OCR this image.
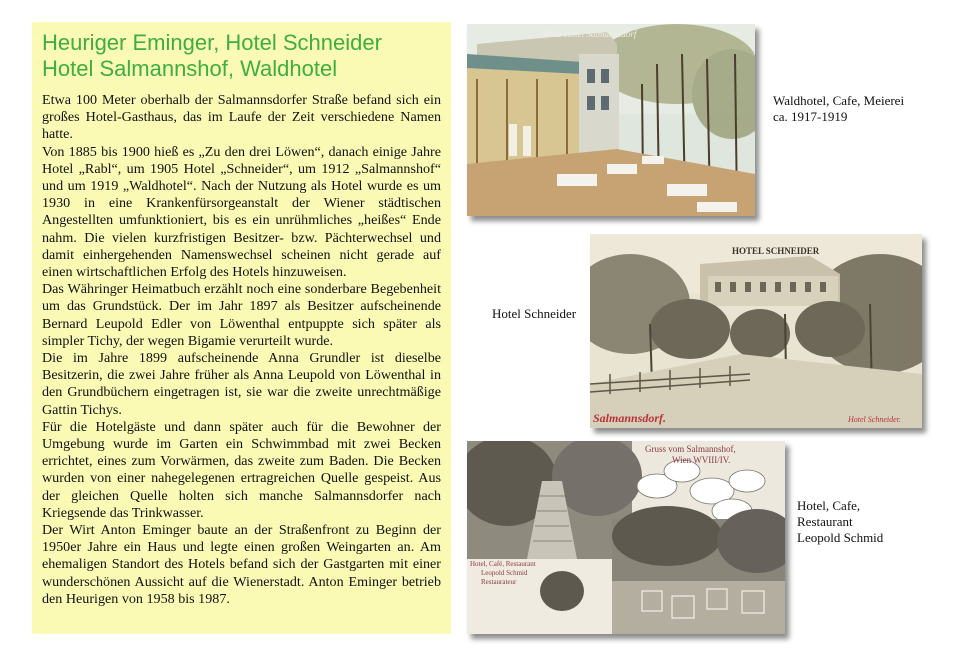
Heuriger Eminger, Hotel Schneider
Hotel Salmannshof, Waldhotel

Etwa 100 Meter oberhalb der Salmannsdorfer Straße befand sich ein großes Hotel-Gasthaus, das im Laufe der Zeit verschiedene Namen hatte.

Von 1885 bis 1900 hieß es „Zu den drei Löwen“, danach einige Jahre Hotel „Rabl“, um 1905 Hotel „Schneider“, um 1912 „Salmannshof“ und um 1919 „Waldhotel“. Nach der Nutzung als Hotel wurde es um 1930 in eine Krankenfürsorgeanstalt der Wiener städtischen Angestellten umfunktioniert, bis es ein unrühmliches „heißes“ Ende nahm. Die vielen kurzfristigen Besitzer- bzw. Pächterwechsel und damit einhergehenden Namenswechsel scheinen nicht gerade auf einen wirtschaftlichen Erfolg des Hotels hinzuweisen.

Das Währinger Heimatbuch erzählt noch eine sonderbare Begebenheit um das Grundstück. Der im Jahr 1897 als Besitzer aufscheinende Bernard Leupold Edler von Löwenthal entpuppte sich später als simpler Tichy, der wegen Bigamie verurteilt wurde.

Die im Jahre 1899 aufscheinende Anna Grundler ist dieselbe Besitzerin, die zwei Jahre früher als Anna Leupold von Löwenthal in den Grundbüchern eingetragen ist, sie war die zweite unrechtmäßige Gattin Tichys.

Für die Hotelgäste und dann später auch für die Bewohner der Umgebung wurde im Garten ein Schwimmbad mit zwei Becken errichtet, eines zum Vorwärmen, das zweite zum Baden. Die Becken wurden von einer nahegelegenen ertragreichen Quelle gespeist. Aus der gleichen Quelle holten sich manche Salmannsdorfer nach Kriegsende das Trinkwasser.

Der Wirt Anton Eminger baute an der Straßenfront zu Beginn der 1950er Jahre ein Haus und legte einen großen Weingarten an. Am ehemaligen Standort des Hotels befand sich der Gastgarten mit einer wunderschönen Aussicht auf die Wienerstadt. Anton Eminger betrieb den Heurigen von 1958 bis 1987.

Wald-Hotel Salmannsdorf
Waldhotel, Cafe, Meierei
ca. 1917-1919
HOTEL SCHNEIDER
Salmannsdorf.	Hotel Schneider.
Hotel Schneider
Gruss vom Salmannshof,
Wien WVIII/IV.
Hotel, Café, Restaurant
Leopold Schmid
Restaurateur
Hotel, Cafe,
Restaurant
Leopold Schmid
